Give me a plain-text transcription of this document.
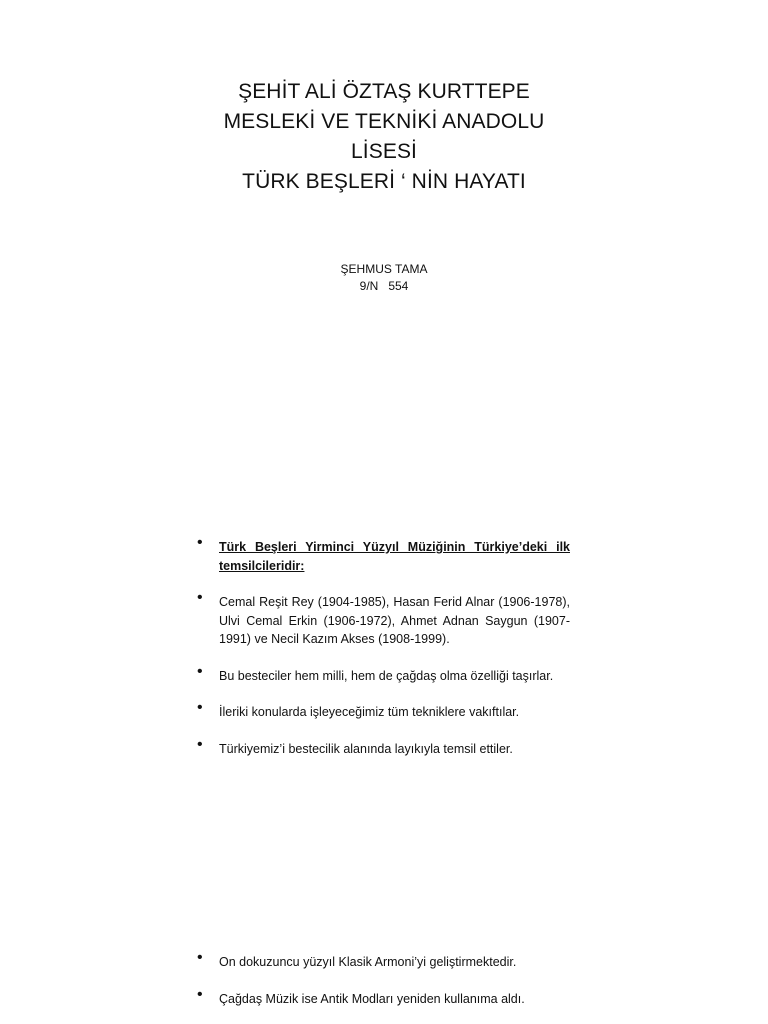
ŞEHİT ALİ ÖZTAŞ KURTTEPE

MESLEKİ VE TEKNİKİ ANADOLU

LİSESİ

TÜRK BEŞLERİ ‘ NİN HAYATI

ŞEHMUS TAMA
9/N   554
• Türk Beşleri Yirminci Yüzyıl Müziğinin Türkiye’deki ilk temsilcileridir:
• Cemal Reşit Rey (1904-1985), Hasan Ferid Alnar (1906-1978), Ulvi Cemal Erkin (1906-1972), Ahmet Adnan Saygun (1907-1991) ve Necil Kazım Akses (1908-1999).
• Bu besteciler hem milli, hem de çağdaş olma özelliği taşırlar.
• İleriki konularda işleyeceğimiz tüm tekniklere vakıftılar.
• Türkiyemiz’i bestecilik alanında layıkıyla temsil ettiler.
• On dokuzuncu yüzyıl Klasik Armoni’yi geliştirmektedir.
• Çağdaş Müzik ise Antik Modları yeniden kullanıma aldı.
